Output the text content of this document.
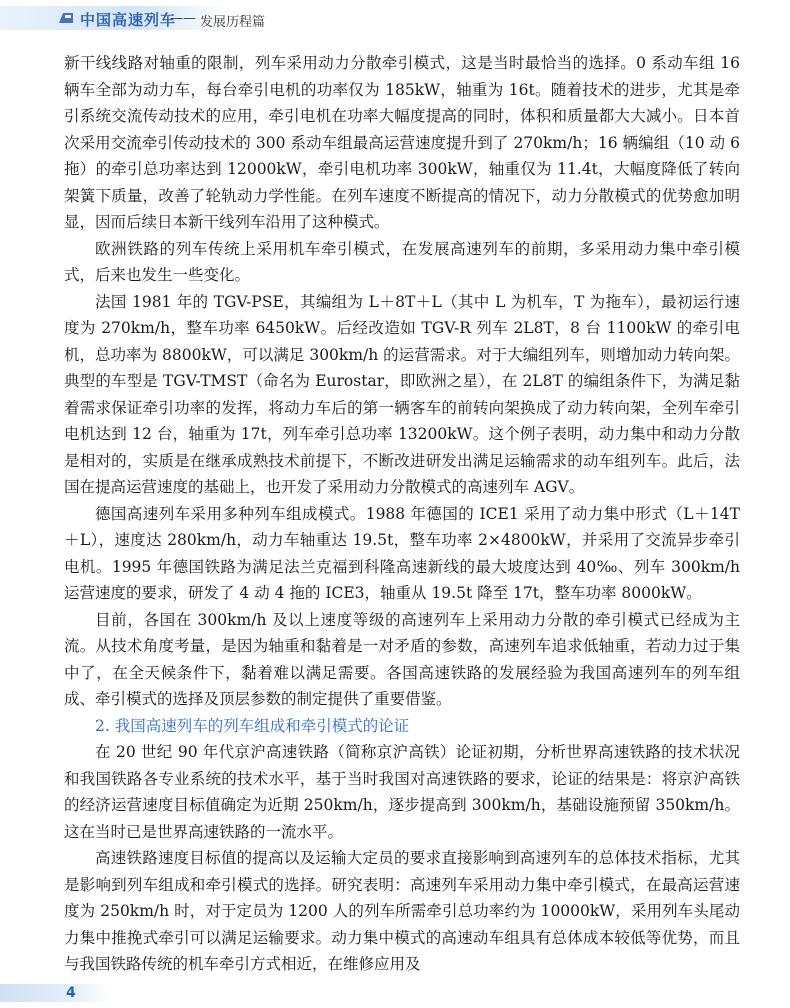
中国高速列车
—— 发展历程篇

新干线线路对轴重的限制，列车采用动力分散牵引模式，这是当时最恰当的选择。0 系动车组 16 辆车全部为动力车，每台牵引电机的功率仅为 185kW，轴重为 16t。随着技术的进步，尤其是牵引系统交流传动技术的应用，牵引电机在功率大幅度提高的同时，体积和质量都大大减小。日本首次采用交流牵引传动技术的 300 系动车组最高运营速度提升到了 270km/h；16 辆编组（10 动 6 拖）的牵引总功率达到 12000kW，牵引电机功率 300kW，轴重仅为 11.4t，大幅度降低了转向架簧下质量，改善了轮轨动力学性能。在列车速度不断提高的情况下，动力分散模式的优势愈加明显，因而后续日本新干线列车沿用了这种模式。

欧洲铁路的列车传统上采用机车牵引模式，在发展高速列车的前期，多采用动力集中牵引模式，后来也发生一些变化。

法国 1981 年的 TGV-PSE，其编组为 L＋8T＋L（其中 L 为机车，T 为拖车），最初运行速度为 270km/h，整车功率 6450kW。后经改造如 TGV-R 列车 2L8T，8 台 1100kW 的牵引电机，总功率为 8800kW，可以满足 300km/h 的运营需求。对于大编组列车，则增加动力转向架。典型的车型是 TGV-TMST（命名为 Eurostar，即欧洲之星），在 2L8T 的编组条件下，为满足黏着需求保证牵引功率的发挥，将动力车后的第一辆客车的前转向架换成了动力转向架，全列车牵引电机达到 12 台，轴重为 17t，列车牵引总功率 13200kW。这个例子表明，动力集中和动力分散是相对的，实质是在继承成熟技术前提下，不断改进研发出满足运输需求的动车组列车。此后，法国在提高运营速度的基础上，也开发了采用动力分散模式的高速列车 AGV。

德国高速列车采用多种列车组成模式。1988 年德国的 ICE1 采用了动力集中形式（L＋14T＋L），速度达 280km/h，动力车轴重达 19.5t，整车功率 2×4800kW，并采用了交流异步牵引电机。1995 年德国铁路为满足法兰克福到科隆高速新线的最大坡度达到 40‰、列车 300km/h 运营速度的要求，研发了 4 动 4 拖的 ICE3，轴重从 19.5t 降至 17t，整车功率 8000kW。

目前，各国在 300km/h 及以上速度等级的高速列车上采用动力分散的牵引模式已经成为主流。从技术角度考量，是因为轴重和黏着是一对矛盾的参数，高速列车追求低轴重，若动力过于集中了，在全天候条件下，黏着难以满足需要。各国高速铁路的发展经验为我国高速列车的列车组成、牵引模式的选择及顶层参数的制定提供了重要借鉴。

2. 我国高速列车的列车组成和牵引模式的论证

在 20 世纪 90 年代京沪高速铁路（简称京沪高铁）论证初期，分析世界高速铁路的技术状况和我国铁路各专业系统的技术水平，基于当时我国对高速铁路的要求，论证的结果是：将京沪高铁的经济运营速度目标值确定为近期 250km/h，逐步提高到 300km/h，基础设施预留 350km/h。这在当时已是世界高速铁路的一流水平。

高速铁路速度目标值的提高以及运输大定员的要求直接影响到高速列车的总体技术指标，尤其是影响到列车组成和牵引模式的选择。研究表明：高速列车采用动力集中牵引模式，在最高运营速度为 250km/h 时，对于定员为 1200 人的列车所需牵引总功率约为 10000kW，采用列车头尾动力集中推挽式牵引可以满足运输要求。动力集中模式的高速动车组具有总体成本较低等优势，而且与我国铁路传统的机车牵引方式相近，在维修应用及

4
